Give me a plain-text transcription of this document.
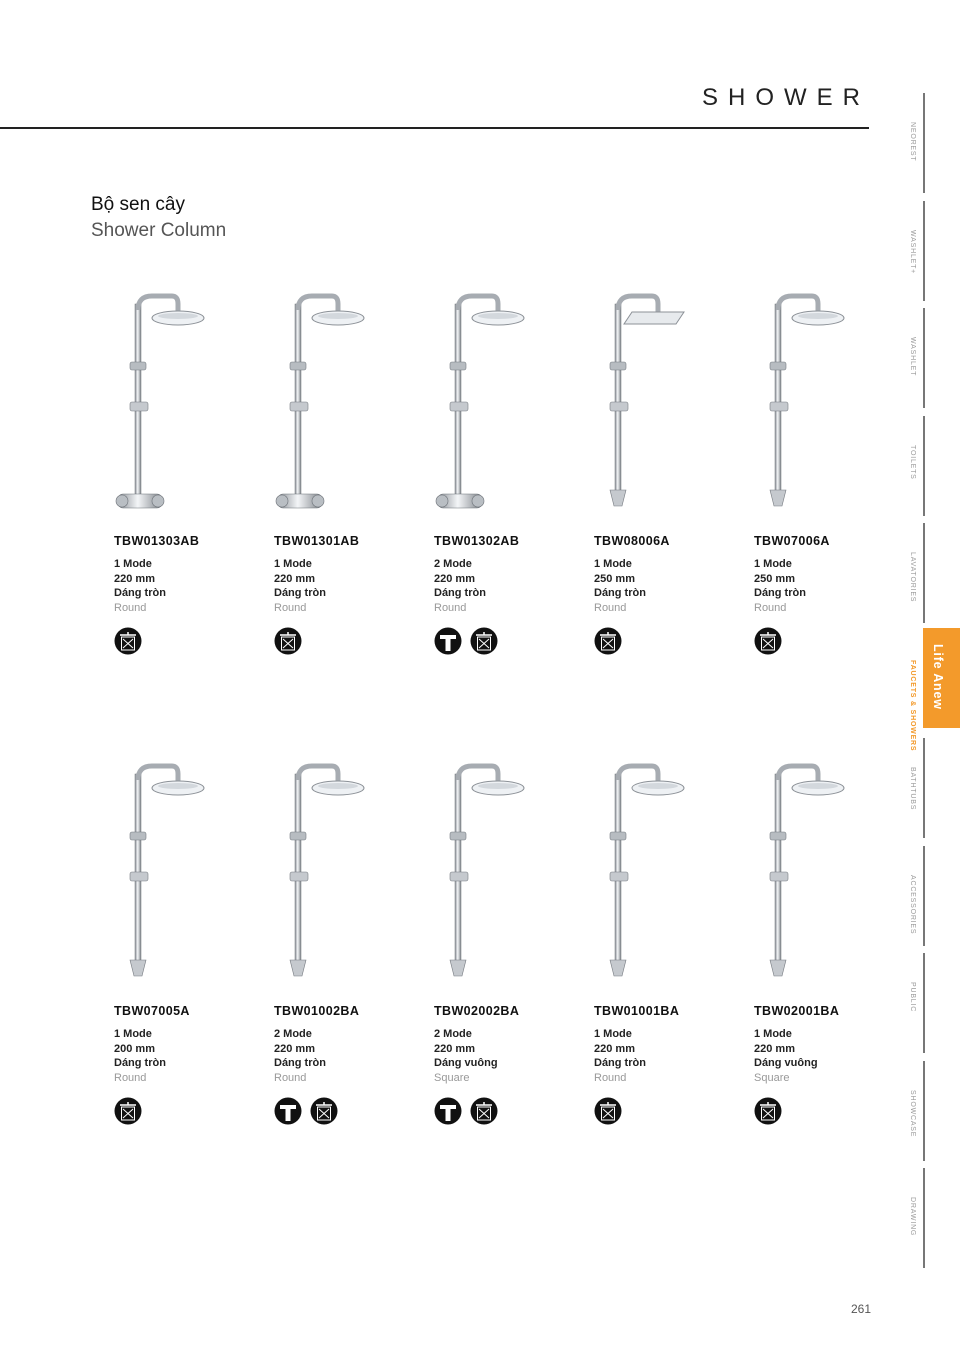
SHOWER
Bộ sen cây
Shower Column
TBW01303AB
1 Mode
220 mm
Dáng tròn
Round
TBW01301AB
1 Mode
220 mm
Dáng tròn
Round
TBW01302AB
2 Mode
220 mm
Dáng tròn
Round
TBW08006A
1 Mode
250 mm
Dáng tròn
Round
TBW07006A
1 Mode
250 mm
Dáng tròn
Round
TBW07005A
1 Mode
200 mm
Dáng tròn
Round
TBW01002BA
2 Mode
220 mm
Dáng tròn
Round
TBW02002BA
2 Mode
220 mm
Dáng vuông
Square
TBW01001BA
1 Mode
220 mm
Dáng tròn
Round
TBW02001BA
1 Mode
220 mm
Dáng vuông
Square
NEOREST
WASHLET+
WASHLET
TOILETS
LAVATORIES
FAUCETS & SHOWERS
BATHTUBS
ACCESSORIES
PUBLIC
SHOWCASE
DRAWING
Life Anew
261
